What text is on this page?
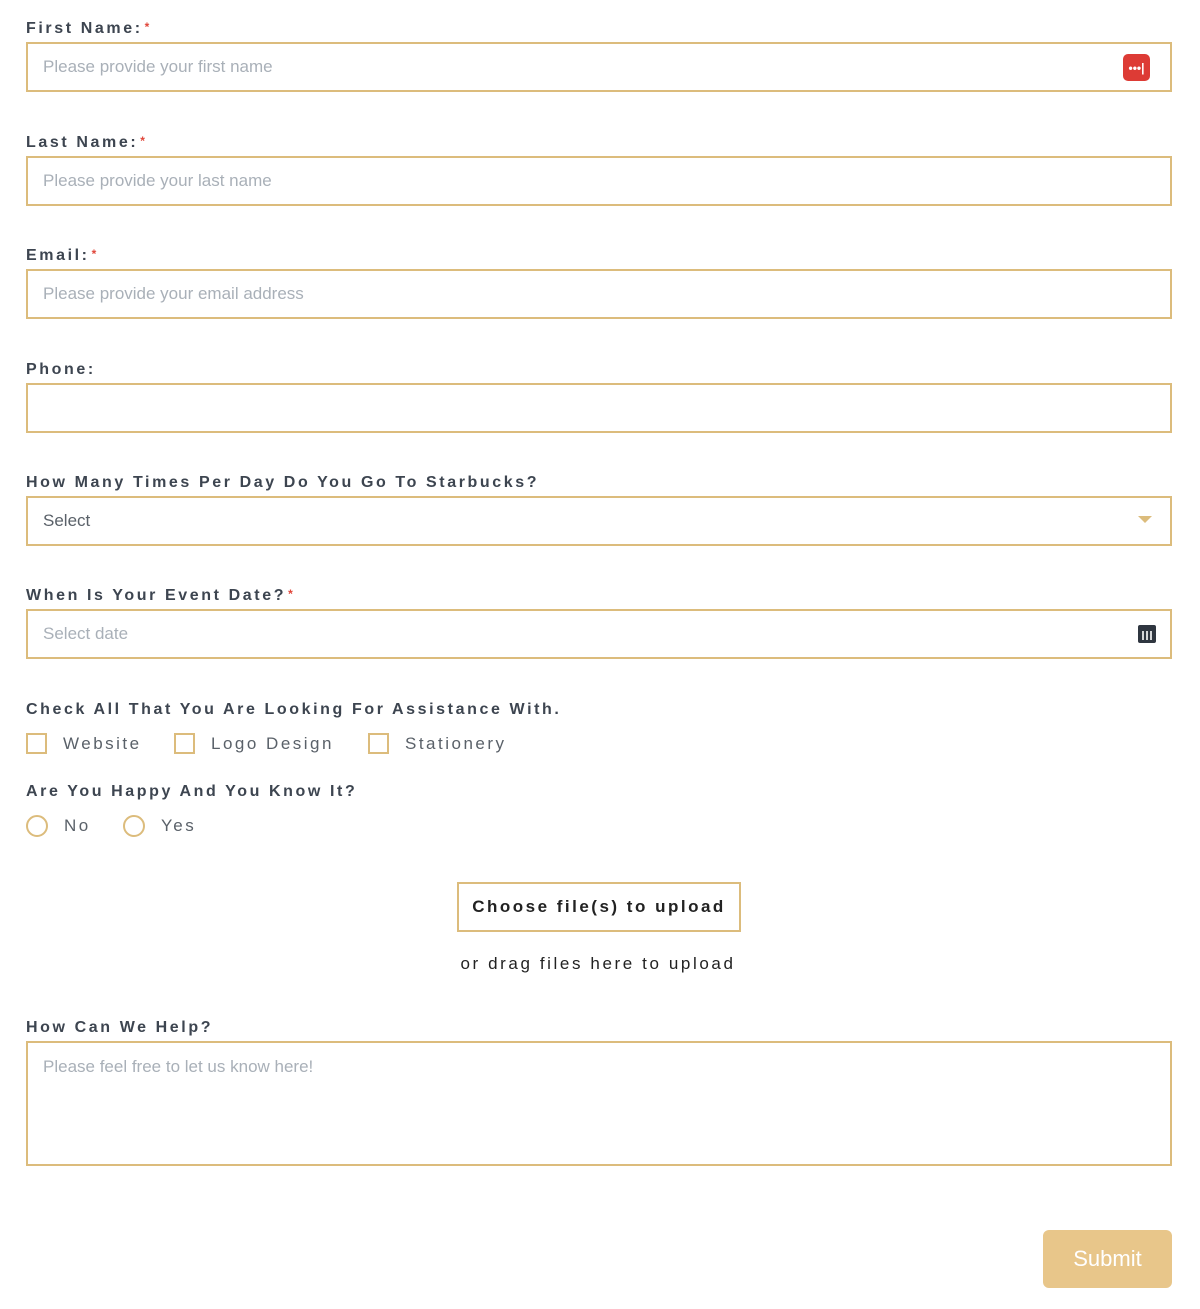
First Name: *
Please provide your first name	•••|
Last Name: *
Please provide your last name
Email: *
Please provide your email address
Phone:
How Many Times Per Day Do You Go To Starbucks?
Select
When Is Your Event Date? *
Select date
Check All That You Are Looking For Assistance With.
Website	Logo Design	Stationery
Are You Happy And You Know It?
No	Yes
Choose file(s) to upload
or drag files here to upload
How Can We Help?
Please feel free to let us know here!
Submit
